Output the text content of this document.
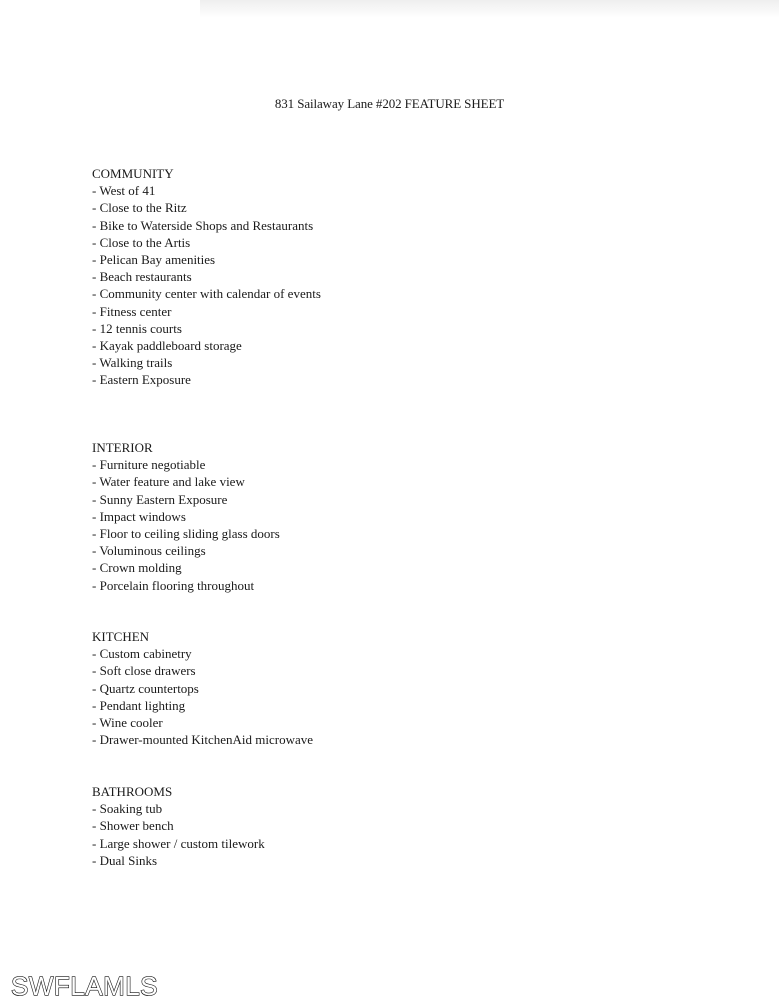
831 Sailaway Lane #202 FEATURE SHEET
COMMUNITY
- West of 41
- Close to the Ritz
- Bike to Waterside Shops and Restaurants
- Close to the Artis
- Pelican Bay amenities
- Beach restaurants
- Community center with calendar of events
- Fitness center
- 12 tennis courts
- Kayak paddleboard storage
- Walking trails
- Eastern Exposure
INTERIOR
- Furniture negotiable
- Water feature and lake view
- Sunny Eastern Exposure
- Impact windows
- Floor to ceiling sliding glass doors
- Voluminous ceilings
- Crown molding
- Porcelain flooring throughout
KITCHEN
- Custom cabinetry
- Soft close drawers
- Quartz countertops
- Pendant lighting
- Wine cooler
- Drawer-mounted KitchenAid microwave
BATHROOMS
- Soaking tub
- Shower bench
- Large shower / custom tilework
- Dual Sinks
SWFLAMLS
